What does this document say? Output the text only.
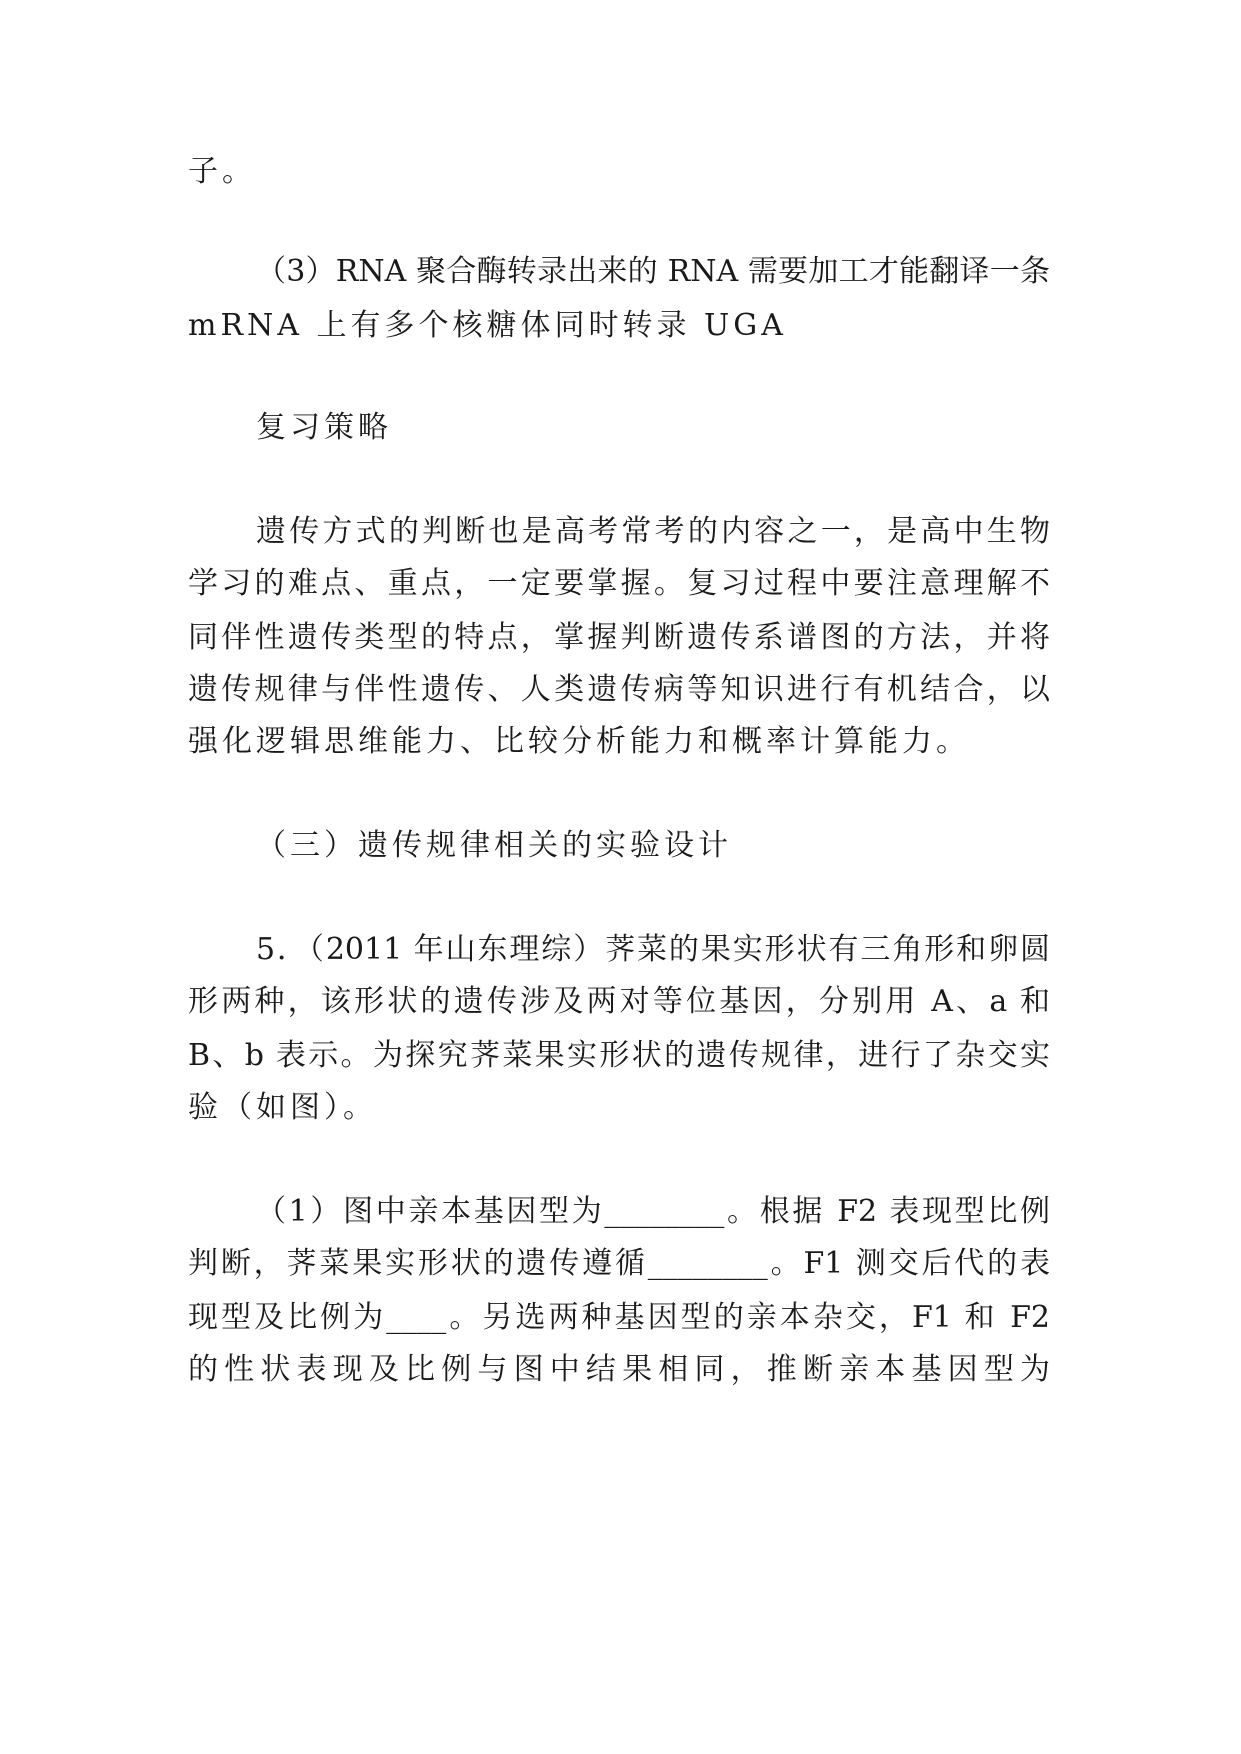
子。
（3）RNA 聚合酶转录出来的 RNA 需要加工才能翻译一条
mRNA 上有多个核糖体同时转录 UGA
复习策略
遗传方式的判断也是高考常考的内容之一，是高中生物
学习的难点、重点，一定要掌握。复习过程中要注意理解不
同伴性遗传类型的特点，掌握判断遗传系谱图的方法，并将
遗传规律与伴性遗传、人类遗传病等知识进行有机结合，以
强化逻辑思维能力、比较分析能力和概率计算能力。
（三）遗传规律相关的实验设计
5．（2011 年山东理综）荠菜的果实形状有三角形和卵圆
形两种，该形状的遗传涉及两对等位基因，分别用 A、a 和
B、b 表示。为探究荠菜果实形状的遗传规律，进行了杂交实
验（如图）。
（1）图中亲本基因型为________。根据 F2 表现型比例
判断，荠菜果实形状的遗传遵循________。F1 测交后代的表
现型及比例为____。另选两种基因型的亲本杂交，F1 和 F2
的性状表现及比例与图中结果相同，推断亲本基因型为
